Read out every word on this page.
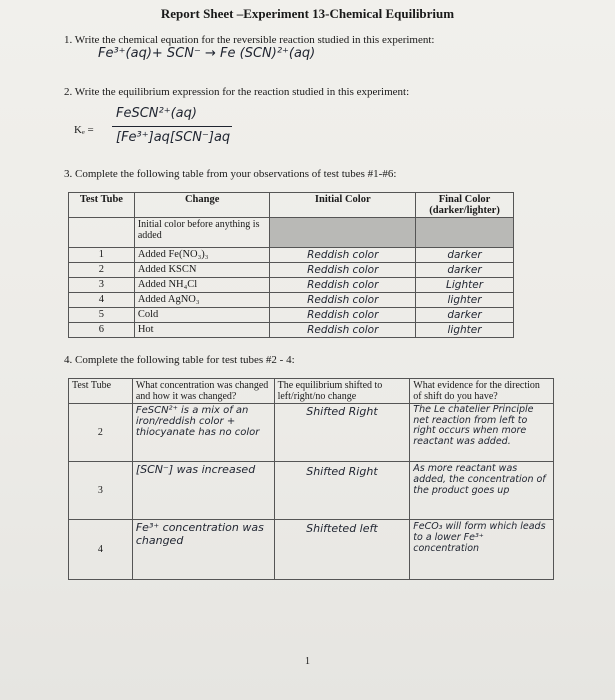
Report Sheet –Experiment 13-Chemical Equilibrium
1. Write the chemical equation for the reversible reaction studied in this experiment:
Fe³⁺(aq)+ SCN⁻ → Fe (SCN)²⁺(aq)
2. Write the equilibrium expression for the reaction studied in this experiment:
Kₑ =
FeSCN²⁺(aq)
[Fe³⁺]aq[SCN⁻]aq
3. Complete the following table from your observations of test tubes #1-#6:
Test Tube	Change	Initial Color	Final Color (darker/lighter)
	Initial color before anything is added		
1	Added Fe(NO₃)₃	Reddish color	darker
2	Added KSCN	Reddish color	darker
3	Added NH₄Cl	Reddish color	Lighter
4	Added AgNO₃	Reddish color	lighter
5	Cold	Reddish color	darker
6	Hot	Reddish color	lighter
4. Complete the following table for test tubes #2 - 4:
Test Tube	What concentration was changed and how it was changed?	The equilibrium shifted to left/right/no change	What evidence for the direction of shift do you have?
2	FeSCN²⁺ is a mix of an iron/reddish color + thiocyanate has no color	Shifted Right	The Le chatelier Principle net reaction from left to right occurs when more reactant was added.
3	[SCN⁻] was increased	Shifted Right	As more reactant was added, the concentration of the product goes up
4	Fe³⁺ concentration was changed	Shifteted left	FeCO₃ will form which leads to a lower Fe³⁺ concentration
1
